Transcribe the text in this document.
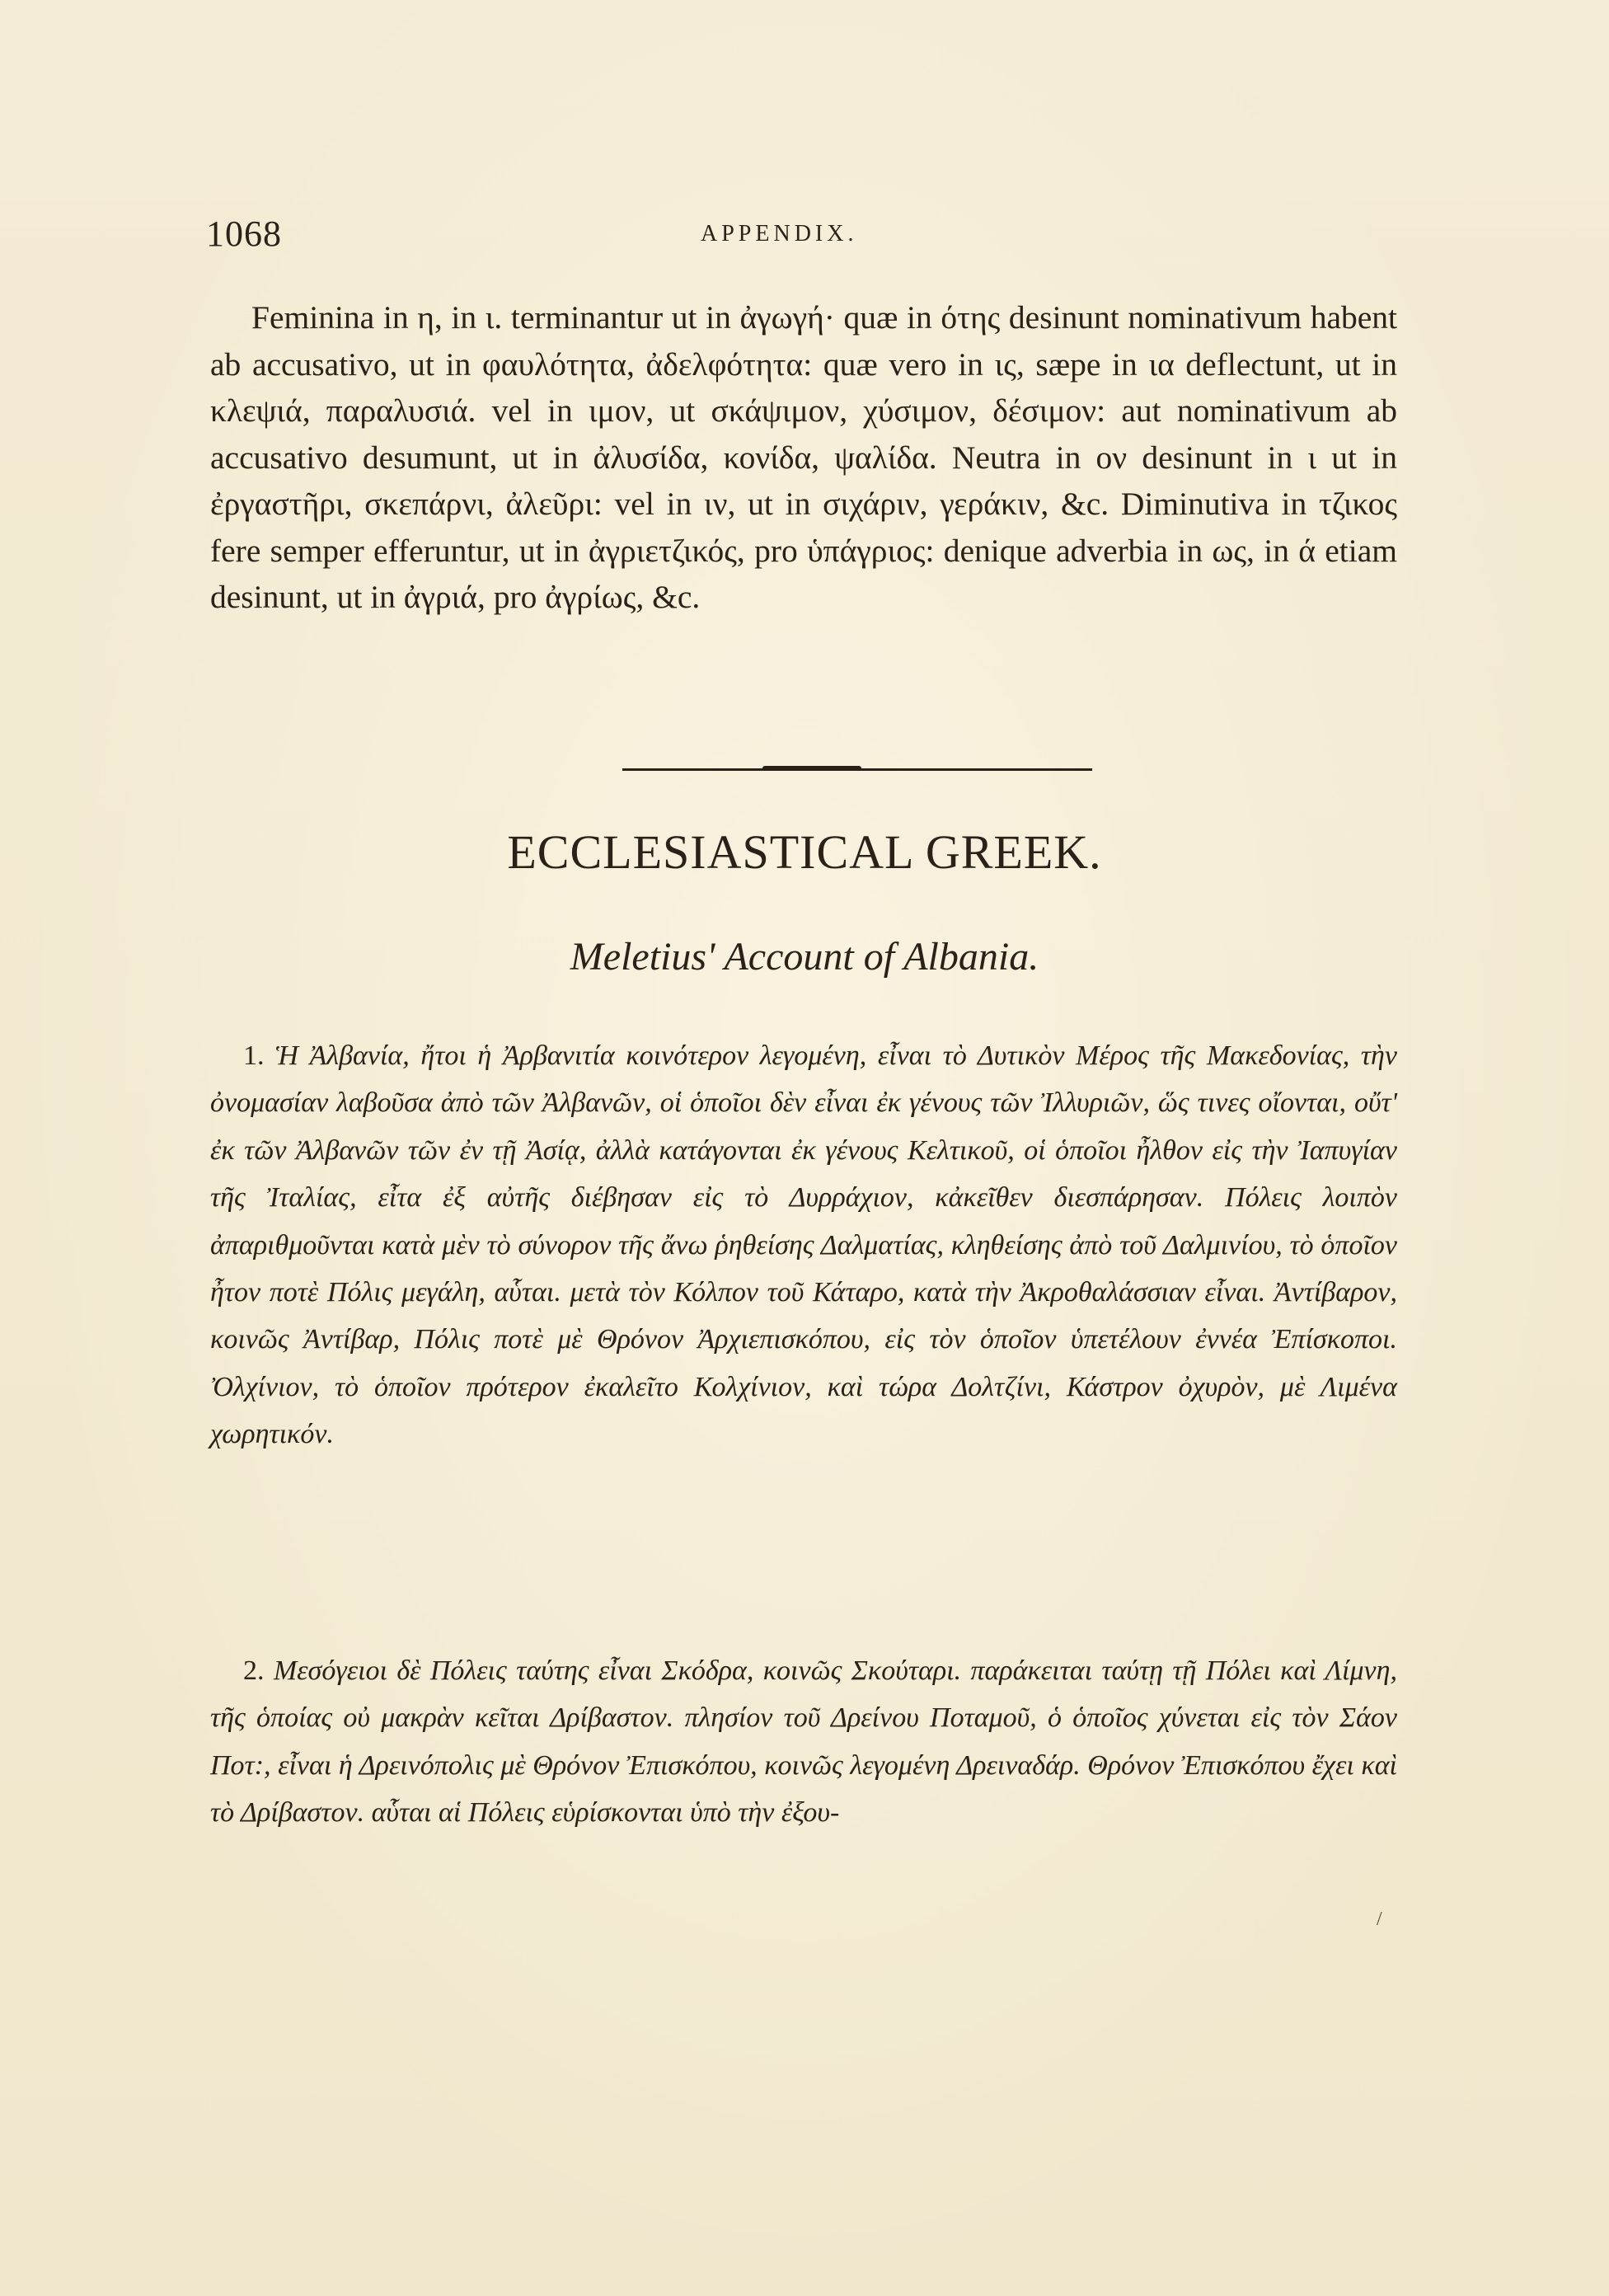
1068	APPENDIX.

Feminina in η, in ι. terminantur ut in ἀγωγή· quæ in ότης desinunt nominativum habent ab accusativo, ut in φαυλότητα, ἀδελφότητα: quæ vero in ις, sæpe in ια deflectunt, ut in κλεψιά, παραλυσιά. vel in ιμον, ut σκάψιμον, χύσιμον, δέσιμον: aut nominativum ab accusativo desumunt, ut in ἀλυσίδα, κονίδα, ψαλίδα. Neutra in ον desinunt in ι ut in ἐργαστῆρι, σκεπάρνι, ἀλεῦρι: vel in ιν, ut in σιχάριν, γεράκιν, &c. Diminutiva in τζικος fere semper efferuntur, ut in ἀγριετζικός, pro ὑπάγριος: denique adverbia in ως, in ά etiam desinunt, ut in ἀγριά, pro ἀγρίως, &c.

ECCLESIASTICAL GREEK.
Meletius' Account of Albania.

1. Ἡ Ἀλβανία, ἤτοι ἡ Ἀρβανιτία κοινότερον λεγομένη, εἶναι τὸ Δυτικὸν Μέρος τῆς Μακεδονίας, τὴν ὀνομασίαν λαβοῦσα ἀπὸ τῶν Ἀλβανῶν, οἱ ὁποῖοι δὲν εἶναι ἐκ γένους τῶν Ἰλλυριῶν, ὥς τινες οἴονται, οὔτ' ἐκ τῶν Ἀλβανῶν τῶν ἐν τῇ Ἀσίᾳ, ἀλλὰ κατάγονται ἐκ γένους Κελτικοῦ, οἱ ὁποῖοι ἦλθον εἰς τὴν Ἰαπυγίαν τῆς Ἰταλίας, εἶτα ἐξ αὐτῆς διέβησαν εἰς τὸ Δυρράχιον, κἀκεῖθεν διεσπάρησαν. Πόλεις λοιπὸν ἀπαριθμοῦνται κατὰ μὲν τὸ σύνορον τῆς ἄνω ῥηθείσης Δαλματίας, κληθείσης ἀπὸ τοῦ Δαλμινίου, τὸ ὁποῖον ἦτον ποτὲ Πόλις μεγάλη, αὗται. μετὰ τὸν Κόλπον τοῦ Κάταρο, κατὰ τὴν Ἀκροθαλάσσιαν εἶναι. Ἀντίβαρον, κοινῶς Ἀντίβαρ, Πόλις ποτὲ μὲ Θρόνον Ἀρχιεπισκόπου, εἰς τὸν ὁποῖον ὑπετέλουν ἐννέα Ἐπίσκοποι. Ὀλχίνιον, τὸ ὁποῖον πρότερον ἐκαλεῖτο Κολχίνιον, καὶ τώρα Δολτζίνι, Κάστρον ὀχυρὸν, μὲ Λιμένα χωρητικόν.

2. Μεσόγειοι δὲ Πόλεις ταύτης εἶναι Σκόδρα, κοινῶς Σκούταρι. παράκειται ταύτῃ τῇ Πόλει καὶ Λίμνη, τῆς ὁποίας οὐ μακρὰν κεῖται Δρίβαστον. πλησίον τοῦ Δρείνου Ποταμοῦ, ὁ ὁποῖος χύνεται εἰς τὸν Σάον Ποτ:, εἶναι ἡ Δρεινόπολις μὲ Θρόνον Ἐπισκόπου, κοινῶς λεγομένη Δρειναδάρ. Θρόνον Ἐπισκόπου ἔχει καὶ τὸ Δρίβαστον. αὗται αἱ Πόλεις εὑρίσκονται ὑπὸ τὴν ἐξου-

/
